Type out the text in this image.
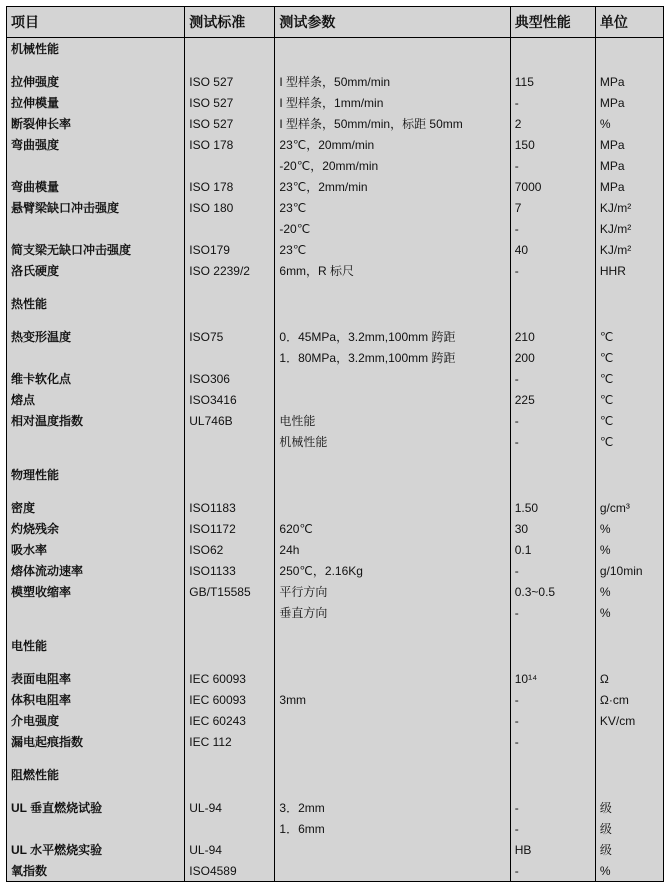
项目	测试标准	测试参数	典型性能	单位
机械性能				

拉伸强度	ISO 527	I 型样条，50mm/min	115	MPa
拉伸模量	ISO 527	I 型样条，1mm/min	-	MPa
断裂伸长率	ISO 527	I 型样条，50mm/min，标距 50mm	2	%
弯曲强度	ISO 178	23℃，20mm/min	150	MPa
		-20℃，20mm/min	-	MPa
弯曲模量	ISO 178	23℃，2mm/min	7000	MPa
悬臂梁缺口冲击强度	ISO 180	23℃	7	KJ/m²
		-20℃	-	KJ/m²
简支梁无缺口冲击强度	ISO179	23℃	40	KJ/m²
洛氏硬度	ISO 2239/2	6mm，R 标尺	-	HHR

热性能				

热变形温度	ISO75	0．45MPa，3.2mm,100mm 跨距	210	℃
		1．80MPa，3.2mm,100mm 跨距	200	℃
维卡软化点	ISO306		-	℃
熔点	ISO3416		225	℃
相对温度指数	UL746B	电性能	-	℃
		机械性能	-	℃

物理性能				

密度	ISO1183		1.50	g/cm³
灼烧残余	ISO1172	620℃	30	%
吸水率	ISO62	24h	0.1	%
熔体流动速率	ISO1133	250℃，2.16Kg	-	g/10min
模塑收缩率	GB/T15585	平行方向	0.3~0.5	%
		垂直方向	-	%

电性能				

表面电阻率	IEC 60093		10¹⁴	Ω
体积电阻率	IEC 60093	3mm	-	Ω·cm
介电强度	IEC 60243		-	KV/cm
漏电起痕指数	IEC 112		-	

阻燃性能				

UL 垂直燃烧试验	UL-94	3．2mm	-	级
		1．6mm	-	级
UL 水平燃烧实验	UL-94		HB	级
氧指数	ISO4589		-	%
